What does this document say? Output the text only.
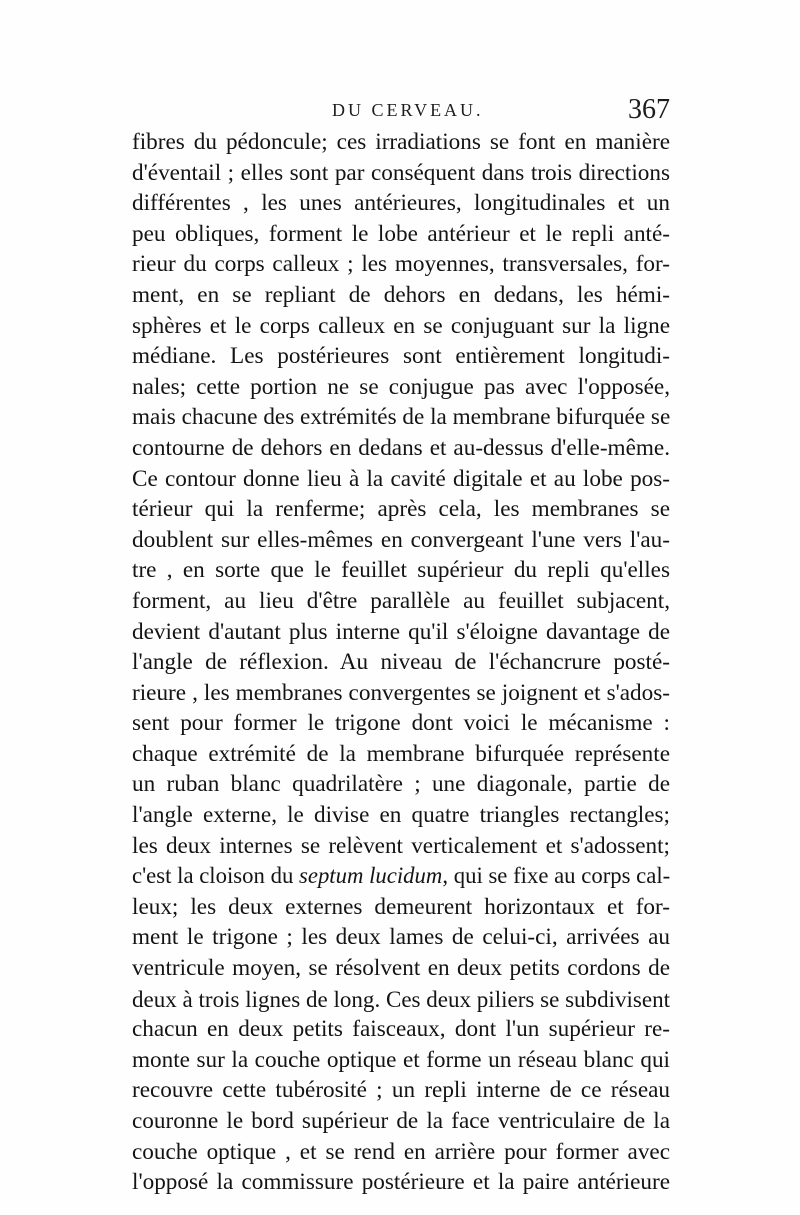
DU CERVEAU.	367
fibres du pédoncule; ces irradiations se font en manière
d'éventail ; elles sont par conséquent dans trois directions
différentes , les unes antérieures, longitudinales et un
peu obliques, forment le lobe antérieur et le repli anté-
rieur du corps calleux ; les moyennes, transversales, for-
ment, en se repliant de dehors en dedans, les hémi-
sphères et le corps calleux en se conjuguant sur la ligne
médiane. Les postérieures sont entièrement longitudi-
nales; cette portion ne se conjugue pas avec l'opposée,
mais chacune des extrémités de la membrane bifurquée se
contourne de dehors en dedans et au-dessus d'elle-même.
Ce contour donne lieu à la cavité digitale et au lobe pos-
térieur qui la renferme; après cela, les membranes se
doublent sur elles-mêmes en convergeant l'une vers l'au-
tre , en sorte que le feuillet supérieur du repli qu'elles
forment, au lieu d'être parallèle au feuillet subjacent,
devient d'autant plus interne qu'il s'éloigne davantage de
l'angle de réflexion. Au niveau de l'échancrure posté-
rieure , les membranes convergentes se joignent et s'ados-
sent pour former le trigone dont voici le mécanisme :
chaque extrémité de la membrane bifurquée représente
un ruban blanc quadrilatère ; une diagonale, partie de
l'angle externe, le divise en quatre triangles rectangles;
les deux internes se relèvent verticalement et s'adossent;
c'est la cloison du septum lucidum, qui se fixe au corps cal-
leux; les deux externes demeurent horizontaux et for-
ment le trigone ; les deux lames de celui-ci, arrivées au
ventricule moyen, se résolvent en deux petits cordons de
deux à trois lignes de long. Ces deux piliers se subdivisent
chacun en deux petits faisceaux, dont l'un supérieur re-
monte sur la couche optique et forme un réseau blanc qui
recouvre cette tubérosité ; un repli interne de ce réseau
couronne le bord supérieur de la face ventriculaire de la
couche optique , et se rend en arrière pour former avec
l'opposé la commissure postérieure et la paire antérieure
